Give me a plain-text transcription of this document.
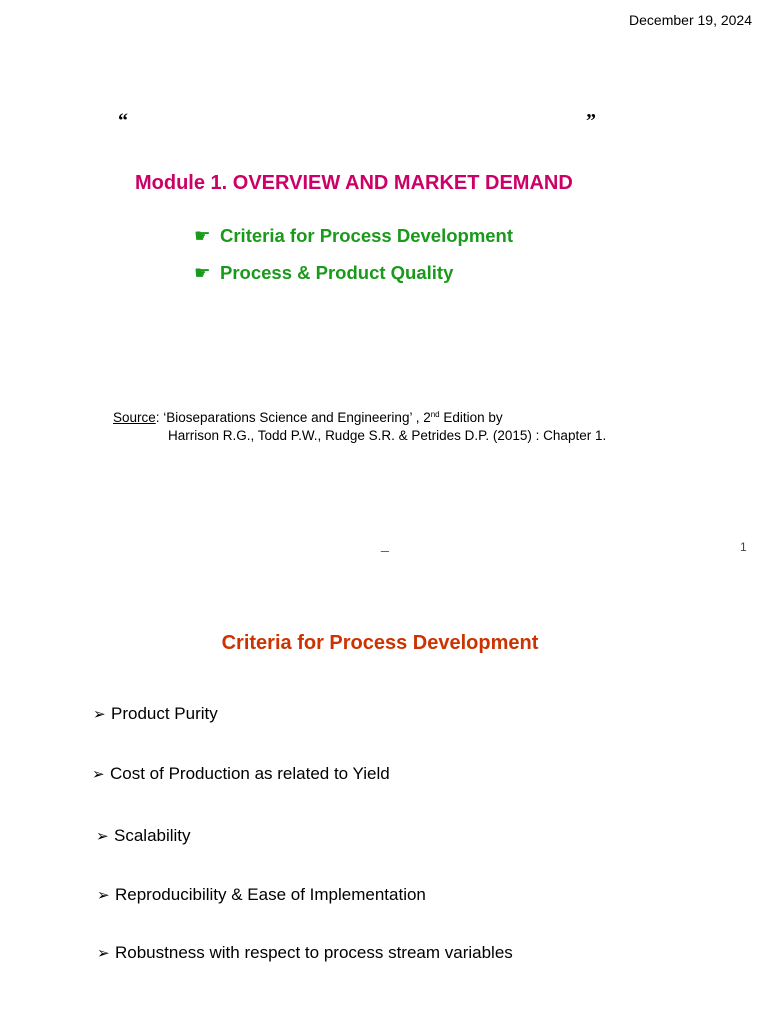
December 19, 2024
“	”
Module 1. OVERVIEW AND MARKET DEMAND
☛ Criteria for Process Development
☛ Process & Product Quality
Source: ‘Bioseparations Science and Engineering’ , 2nd Edition by
Harrison R.G., Todd P.W., Rudge S.R. & Petrides D.P. (2015) : Chapter 1.
_	1
Criteria for Process Development
➢ Product Purity
➢ Cost of Production as related to Yield
➢ Scalability
➢ Reproducibility & Ease of Implementation
➢ Robustness with respect to process stream variables
